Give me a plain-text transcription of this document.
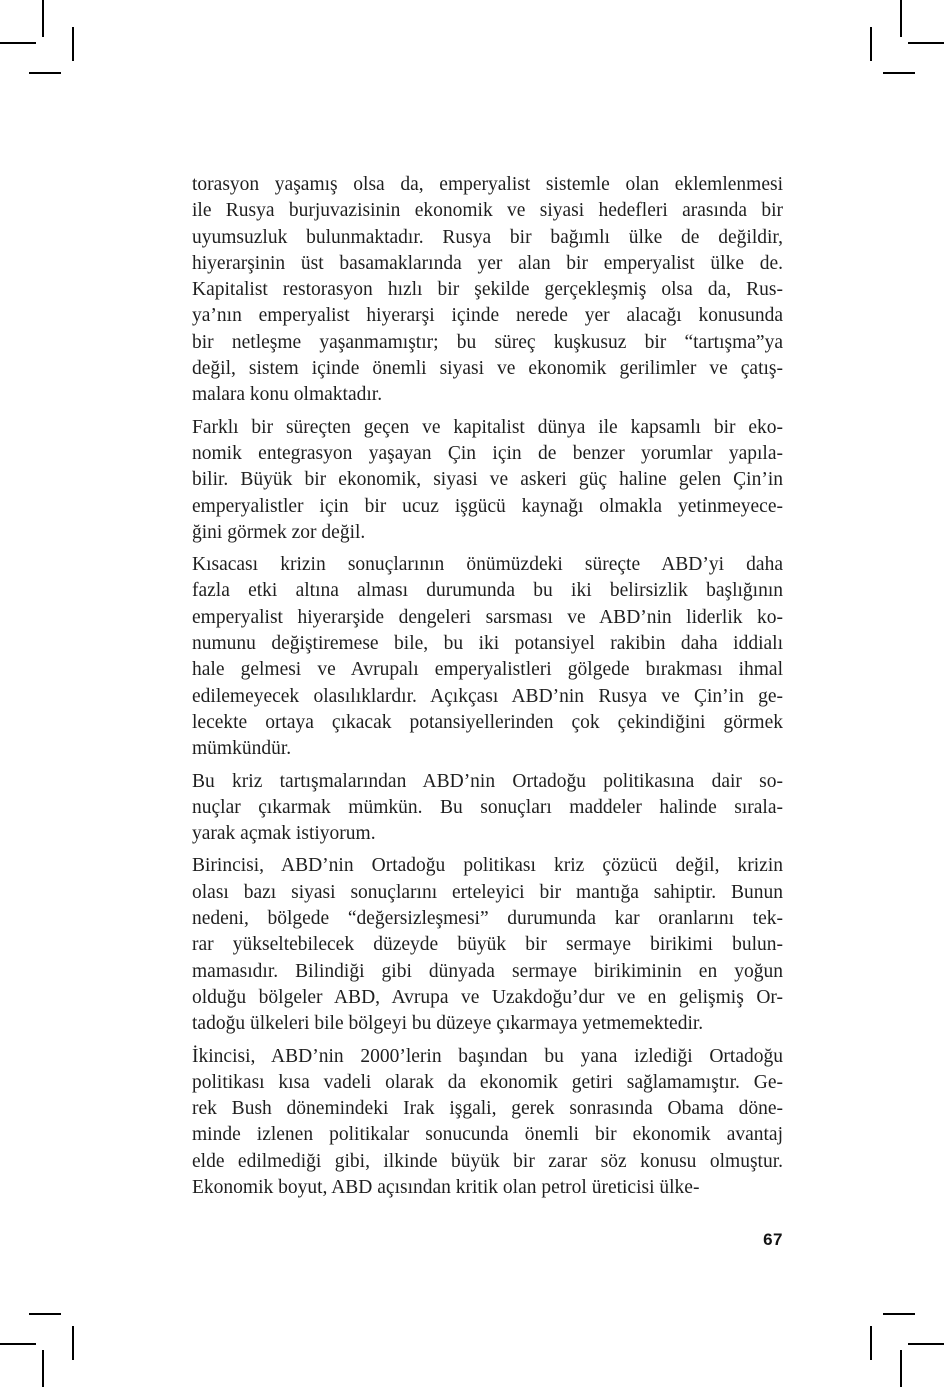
torasyon yaşamış olsa da, emperyalist sistemle olan eklemlenmesi
ile Rusya burjuvazisinin ekonomik ve siyasi hedefleri arasında bir
uyumsuzluk bulunmaktadır. Rusya bir bağımlı ülke de değildir,
hiyerarşinin üst basamaklarında yer alan bir emperyalist ülke de.
Kapitalist restorasyon hızlı bir şekilde gerçekleşmiş olsa da, Rus-
ya’nın emperyalist hiyerarşi içinde nerede yer alacağı konusunda
bir netleşme yaşanmamıştır; bu süreç kuşkusuz bir “tartışma”ya
değil, sistem içinde önemli siyasi ve ekonomik gerilimler ve çatış-
malara konu olmaktadır.
Farklı bir süreçten geçen ve kapitalist dünya ile kapsamlı bir eko-
nomik entegrasyon yaşayan Çin için de benzer yorumlar yapıla-
bilir. Büyük bir ekonomik, siyasi ve askeri güç haline gelen Çin’in
emperyalistler için bir ucuz işgücü kaynağı olmakla yetinmeyece-
ğini görmek zor değil.
Kısacası krizin sonuçlarının önümüzdeki süreçte ABD’yi daha
fazla etki altına alması durumunda bu iki belirsizlik başlığının
emperyalist hiyerarşide dengeleri sarsması ve ABD’nin liderlik ko-
numunu değiştiremese bile, bu iki potansiyel rakibin daha iddialı
hale gelmesi ve Avrupalı emperyalistleri gölgede bırakması ihmal
edilemeyecek olasılıklardır. Açıkçası ABD’nin Rusya ve Çin’in ge-
lecekte ortaya çıkacak potansiyellerinden çok çekindiğini görmek
mümkündür.
Bu kriz tartışmalarından ABD’nin Ortadoğu politikasına dair so-
nuçlar çıkarmak mümkün. Bu sonuçları maddeler halinde sırala-
yarak açmak istiyorum.
Birincisi, ABD’nin Ortadoğu politikası kriz çözücü değil, krizin
olası bazı siyasi sonuçlarını erteleyici bir mantığa sahiptir. Bunun
nedeni, bölgede “değersizleşmesi” durumunda kar oranlarını tek-
rar yükseltebilecek düzeyde büyük bir sermaye birikimi bulun-
mamasıdır. Bilindiği gibi dünyada sermaye birikiminin en yoğun
olduğu bölgeler ABD, Avrupa ve Uzakdoğu’dur ve en gelişmiş Or-
tadoğu ülkeleri bile bölgeyi bu düzeye çıkarmaya yetmemektedir.
İkincisi, ABD’nin 2000’lerin başından bu yana izlediği Ortadoğu
politikası kısa vadeli olarak da ekonomik getiri sağlamamıştır. Ge-
rek Bush dönemindeki Irak işgali, gerek sonrasında Obama döne-
minde izlenen politikalar sonucunda önemli bir ekonomik avantaj
elde edilmediği gibi, ilkinde büyük bir zarar söz konusu olmuştur.
Ekonomik boyut, ABD açısından kritik olan petrol üreticisi ülke-
67
